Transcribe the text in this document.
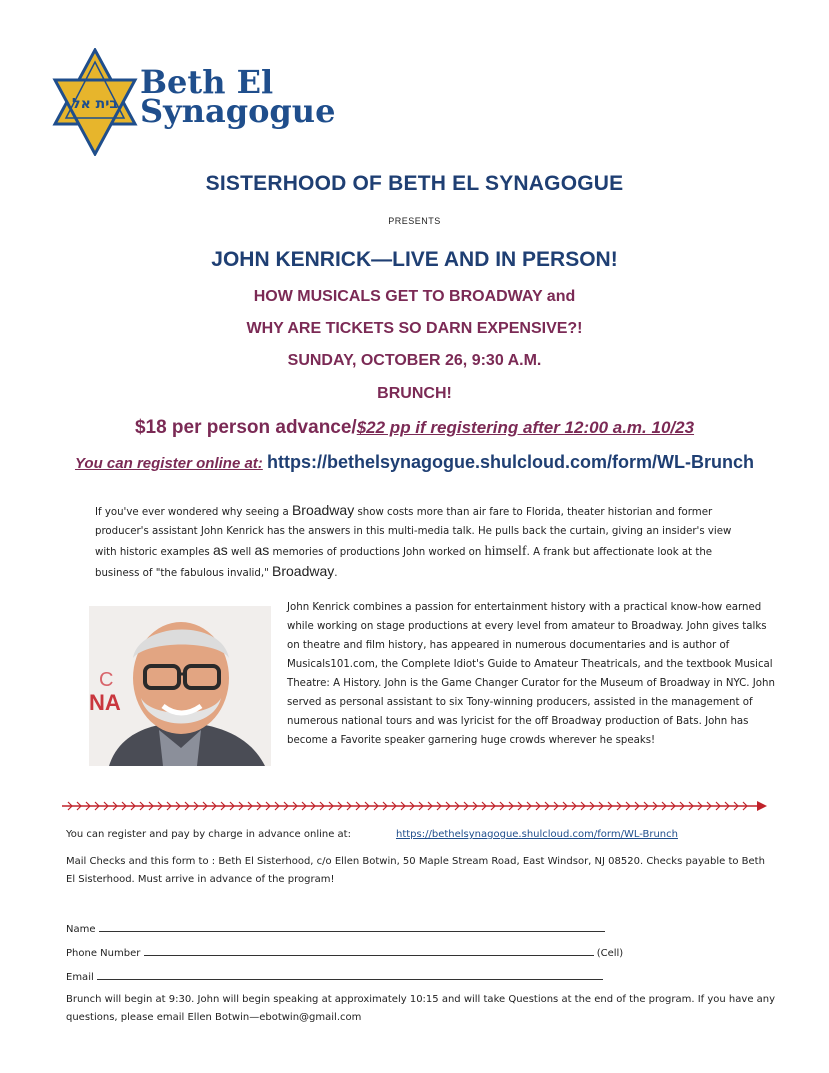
בית אל
Beth El
Synagogue
SISTERHOOD OF BETH EL SYNAGOGUE
PRESENTS
JOHN KENRICK—LIVE AND IN PERSON!
HOW MUSICALS GET TO BROADWAY and
WHY ARE TICKETS SO DARN EXPENSIVE?!
SUNDAY, OCTOBER 26, 9:30 A.M.
BRUNCH!
$18 per person advance/$22 pp if registering after 12:00 a.m. 10/23
You can register online at: https://bethelsynagogue.shulcloud.com/form/WL-Brunch
If you've ever wondered why seeing a Broadway show costs more than air fare to Florida, theater historian and former producer's assistant John Kenrick has the answers in this multi-media talk. He pulls back the curtain, giving an insider's view with historic examples as well as memories of productions John worked on himself. A frank but affectionate look at the business of "the fabulous invalid," Broadway.
C
NA
John Kenrick combines a passion for entertainment history with a practical know-how earned while working on stage productions at every level from amateur to Broadway. John gives talks on theatre and film history, has appeared in numerous documentaries and is author of Musicals101.com, the Complete Idiot's Guide to Amateur Theatricals, and the textbook Musical Theatre: A History. John is the Game Changer Curator for the Museum of Broadway in NYC. John served as personal assistant to six Tony-winning producers, assisted in the management of numerous national tours and was lyricist for the off Broadway production of Bats. John has become a Favorite speaker garnering huge crowds wherever he speaks!
You can register and pay by charge in advance online at:	https://bethelsynagogue.shulcloud.com/form/WL-Brunch
Mail Checks and this form to : Beth El Sisterhood, c/o Ellen Botwin, 50 Maple Stream Road, East Windsor, NJ 08520. Checks payable to Beth El Sisterhood. Must arrive in advance of the program!
Name
Phone Number	(Cell)
Email
Brunch will begin at 9:30. John will begin speaking at approximately 10:15 and will take Questions at the end of the program. If you have any questions, please email Ellen Botwin—ebotwin@gmail.com
